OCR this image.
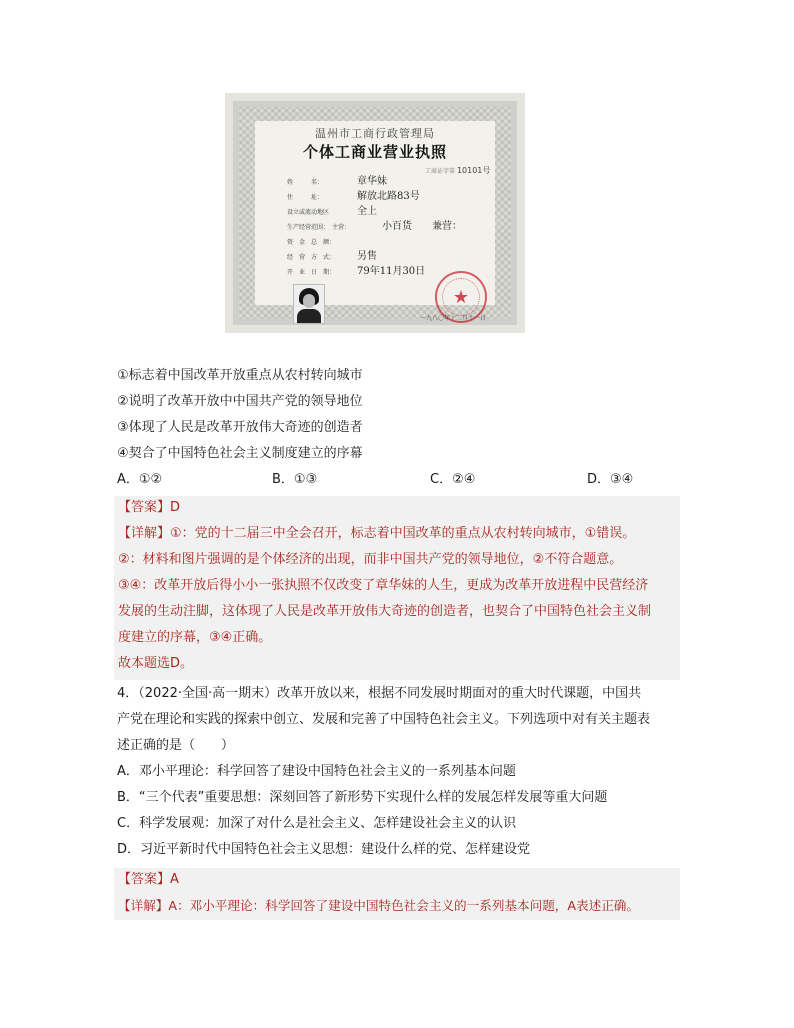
温州市工商行政管理局
个体工商业营业执照
工商证字第 10101号
姓　　　名：	章华妹
住　　　址：	解放北路83号
设立或流动地区	全上
生产经营范围：　主营：	小百货　　兼营：
资　金　总　额：
经　营　方　式： 另售
开　业　日　期： 79年11月30日
★
一九八〇年十二月十一日
①标志着中国改革开放重点从农村转向城市
②说明了改革开放中中国共产党的领导地位
③体现了人民是改革开放伟大奇迹的创造者
④契合了中国特色社会主义制度建立的序幕
A．①②	B．①③	C．②④	D．③④
【答案】D
【详解】①：党的十二届三中全会召开，标志着中国改革的重点从农村转向城市，①错误。
②：材料和图片强调的是个体经济的出现，而非中国共产党的领导地位，②不符合题意。
③④：改革开放后得小小一张执照不仅改变了章华妹的人生，更成为改革开放进程中民营经济
发展的生动注脚，这体现了人民是改革开放伟大奇迹的创造者，也契合了中国特色社会主义制
度建立的序幕，③④正确。
故本题选D。
4．（2022·全国·高一期末）改革开放以来，根据不同发展时期面对的重大时代课题，中国共
产党在理论和实践的探索中创立、发展和完善了中国特色社会主义。下列选项中对有关主题表
述正确的是（　　）
A．邓小平理论：科学回答了建设中国特色社会主义的一系列基本问题
B．“三个代表”重要思想：深刻回答了新形势下实现什么样的发展怎样发展等重大问题
C．科学发展观：加深了对什么是社会主义、怎样建设社会主义的认识
D．习近平新时代中国特色社会主义思想：建设什么样的党、怎样建设党
【答案】A
【详解】A：邓小平理论：科学回答了建设中国特色社会主义的一系列基本问题，A表述正确。
